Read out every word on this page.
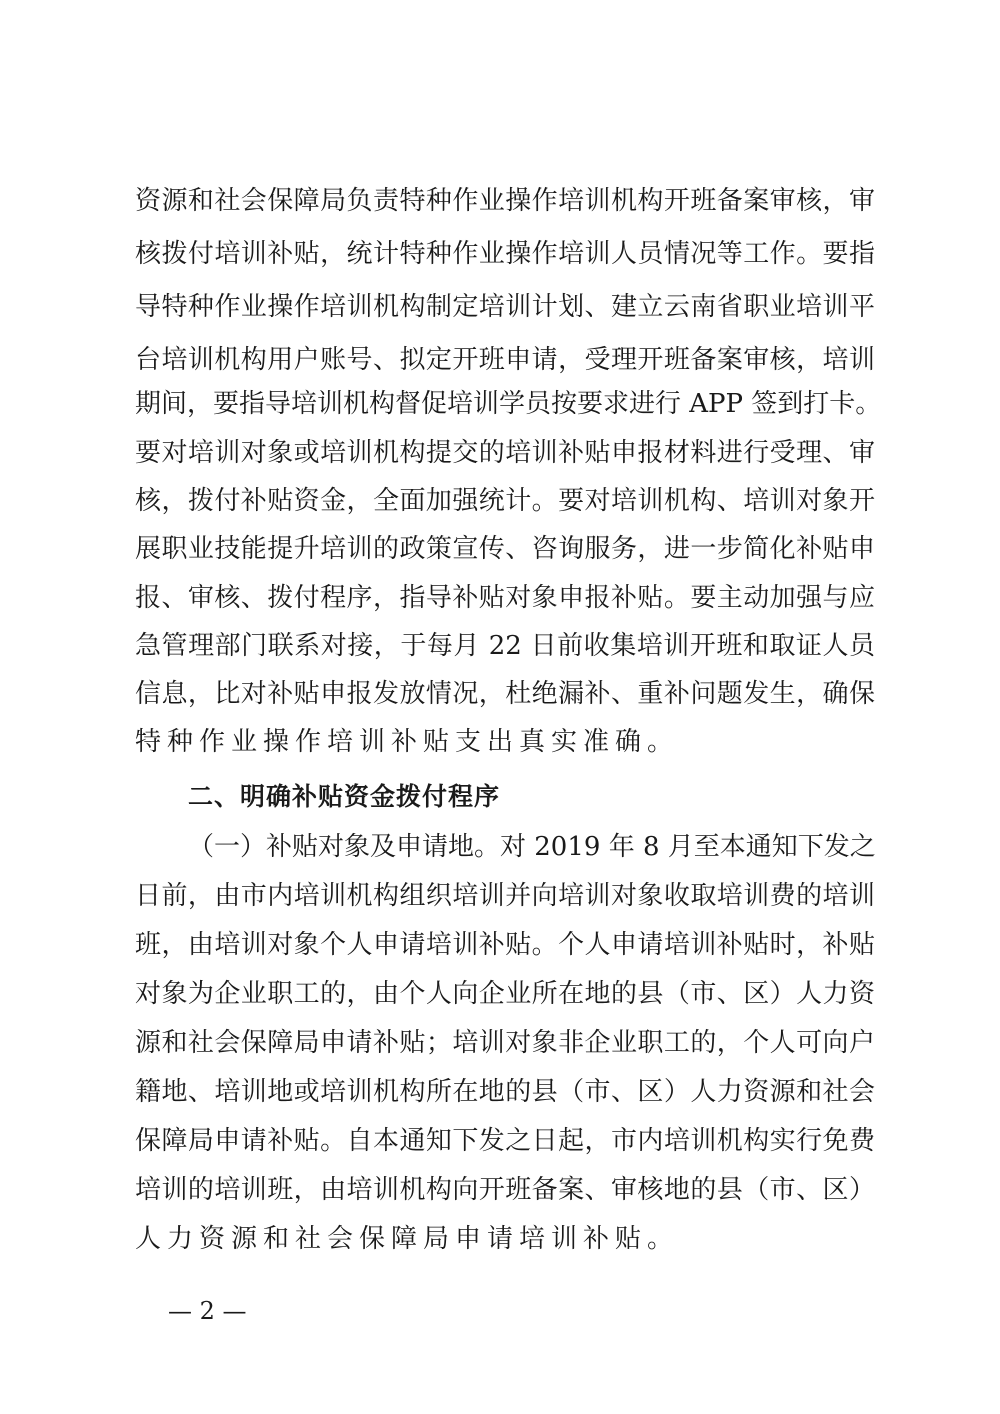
资源和社会保障局负责特种作业操作培训机构开班备案审核，审
核拨付培训补贴，统计特种作业操作培训人员情况等工作。要指
导特种作业操作培训机构制定培训计划、建立云南省职业培训平
台培训机构用户账号、拟定开班申请，受理开班备案审核，培训
期间，要指导培训机构督促培训学员按要求进行 APP 签到打卡。
要对培训对象或培训机构提交的培训补贴申报材料进行受理、审
核，拨付补贴资金，全面加强统计。要对培训机构、培训对象开
展职业技能提升培训的政策宣传、咨询服务，进一步简化补贴申
报、审核、拨付程序，指导补贴对象申报补贴。要主动加强与应
急管理部门联系对接，于每月 22 日前收集培训开班和取证人员
信息，比对补贴申报发放情况，杜绝漏补、重补问题发生，确保
特种作业操作培训补贴支出真实准确。
二、明确补贴资金拨付程序
（一）补贴对象及申请地。对 2019 年 8 月至本通知下发之
日前，由市内培训机构组织培训并向培训对象收取培训费的培训
班，由培训对象个人申请培训补贴。个人申请培训补贴时，补贴
对象为企业职工的，由个人向企业所在地的县（市、区）人力资
源和社会保障局申请补贴；培训对象非企业职工的，个人可向户
籍地、培训地或培训机构所在地的县（市、区）人力资源和社会
保障局申请补贴。自本通知下发之日起，市内培训机构实行免费
培训的培训班，由培训机构向开班备案、审核地的县（市、区）
人力资源和社会保障局申请培训补贴。
— 2 —
